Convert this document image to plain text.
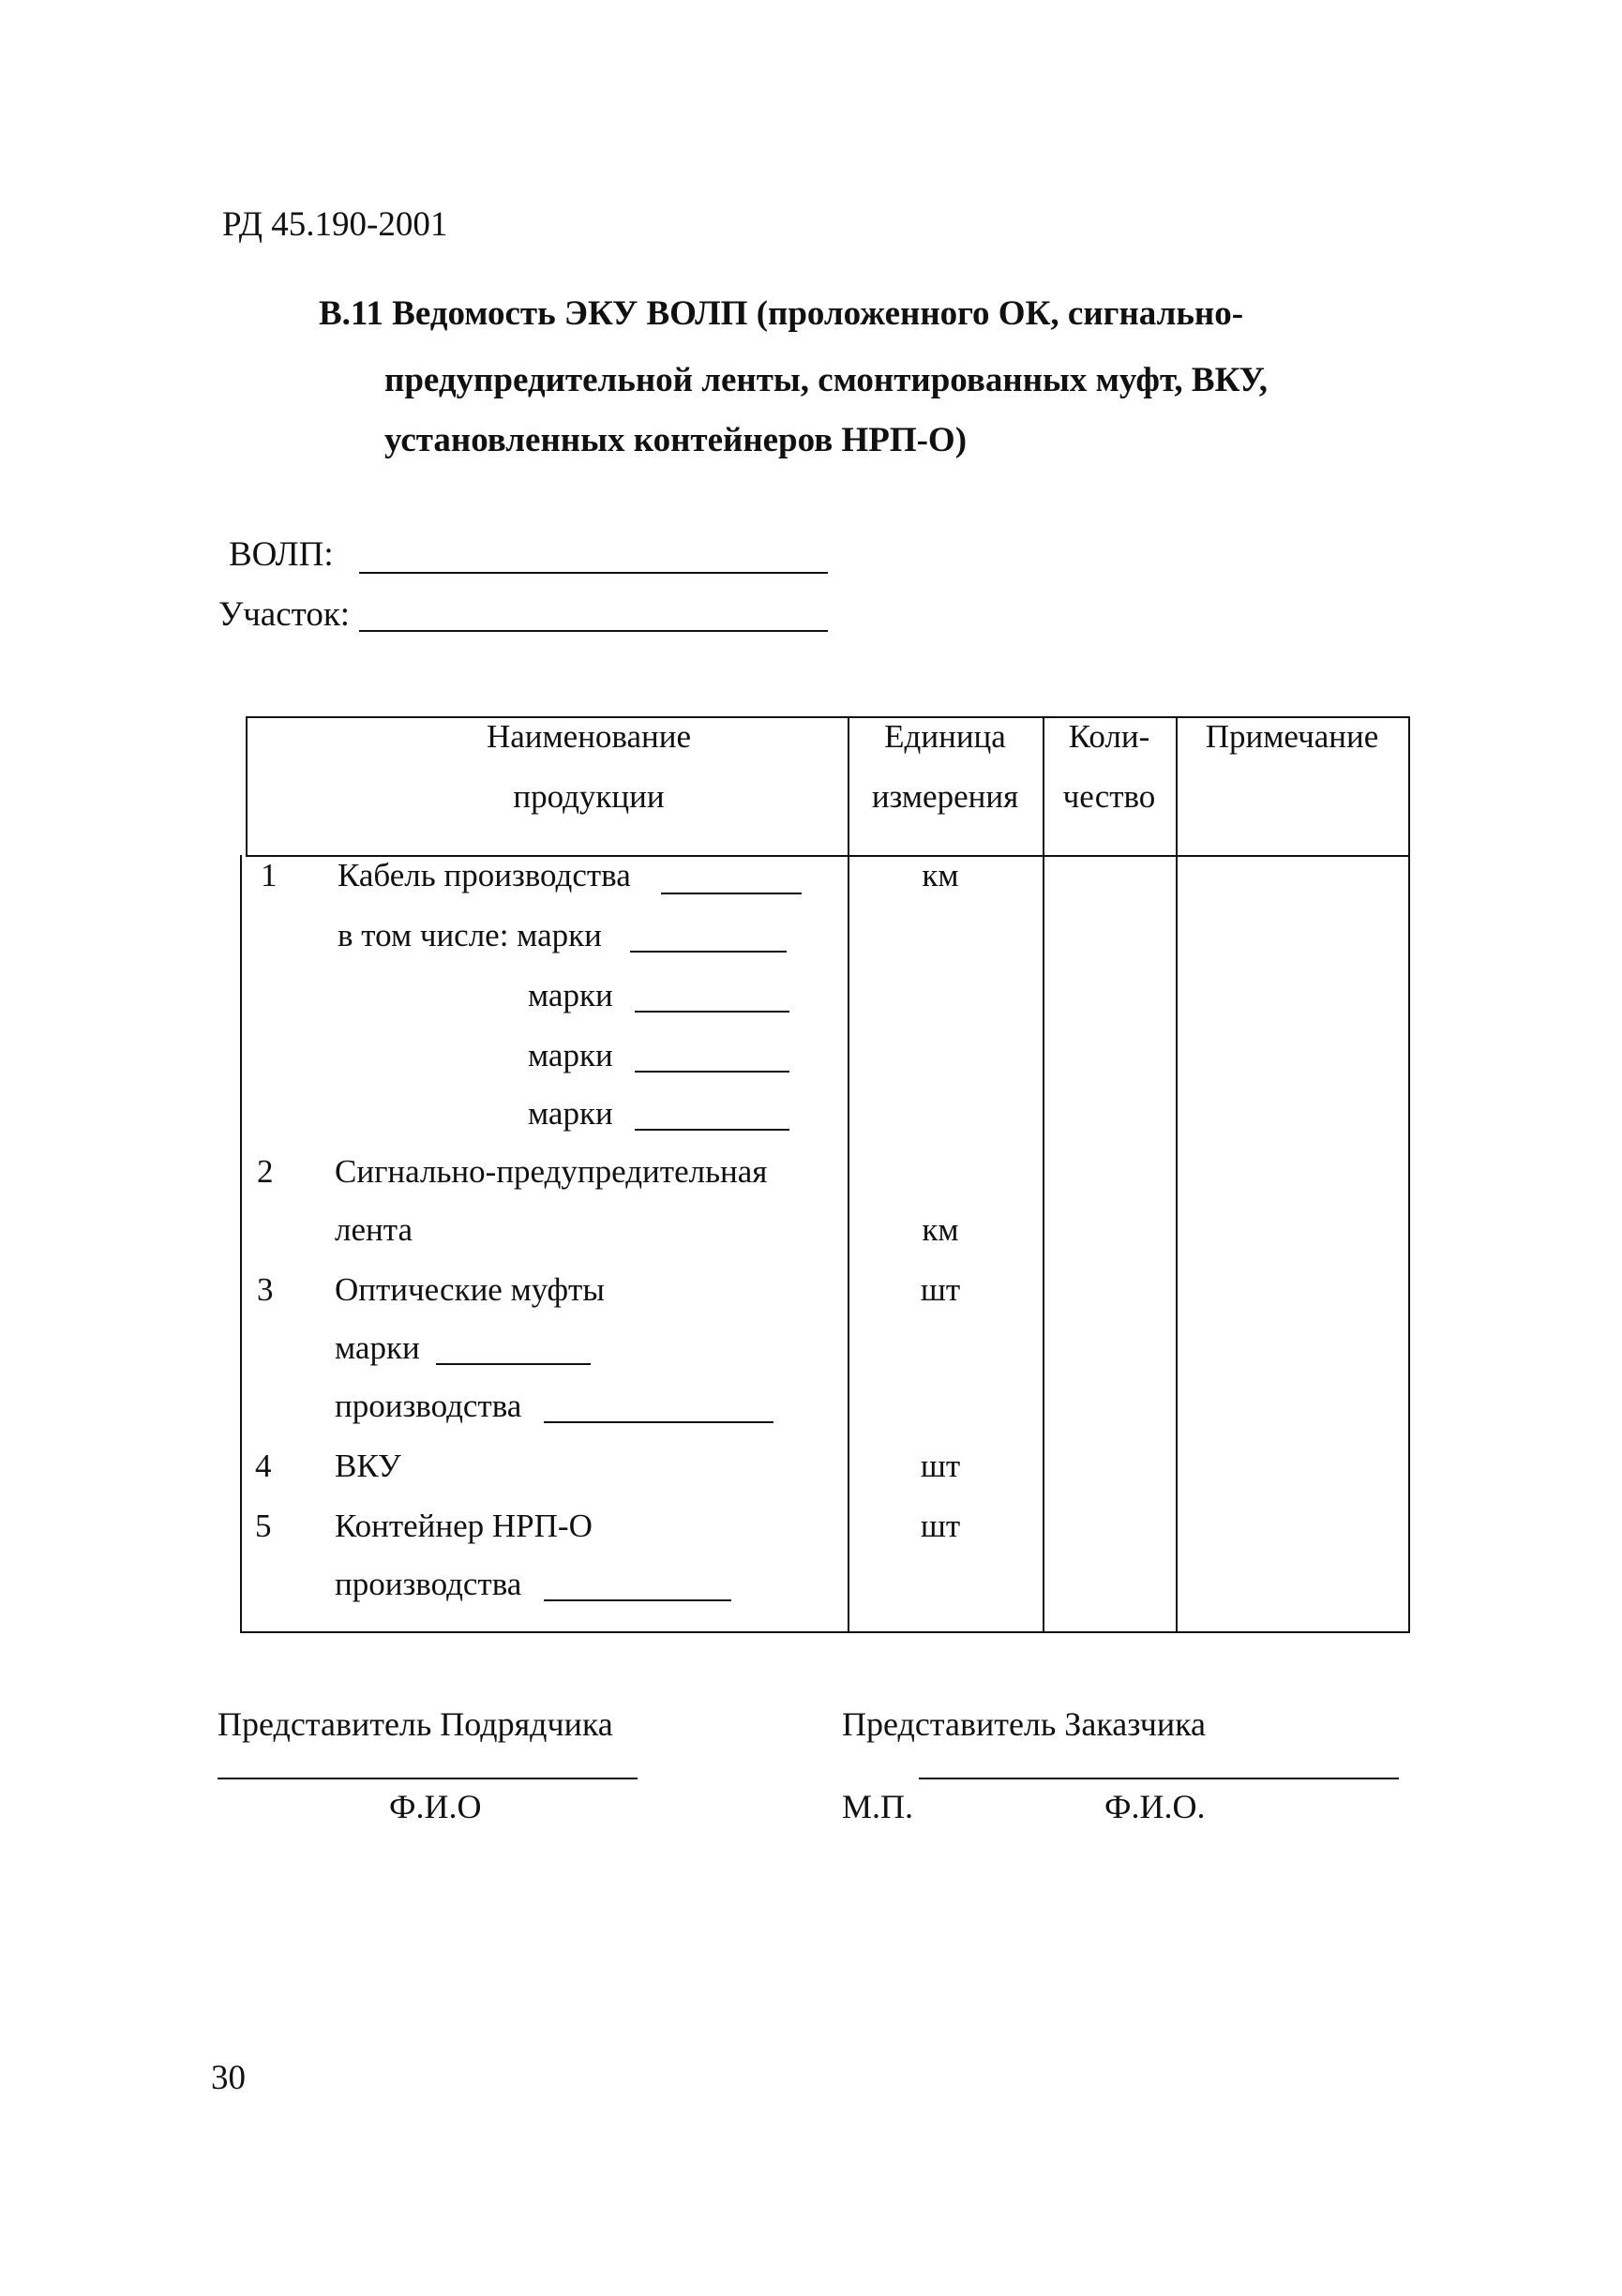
РД 45.190-2001
В.11 Ведомость ЭКУ ВОЛП (проложенного ОК, сигнально-
предупредительной ленты, смонтированных муфт, ВКУ,
установленных контейнеров НРП-О)
ВОЛП:
Участок:
Наименование
продукции
Единица
измерения
Коли-
чество
Примечание
1
2
3
4
5
Кабель производства
в том числе: марки
марки
марки
марки
Сигнально-предупредительная
лента
Оптические муфты
марки
производства
ВКУ
Контейнер НРП-О
производства
км
км
шт
шт
шт
Представитель Подрядчика
Ф.И.О
Представитель Заказчика
М.П.	Ф.И.О.
30
